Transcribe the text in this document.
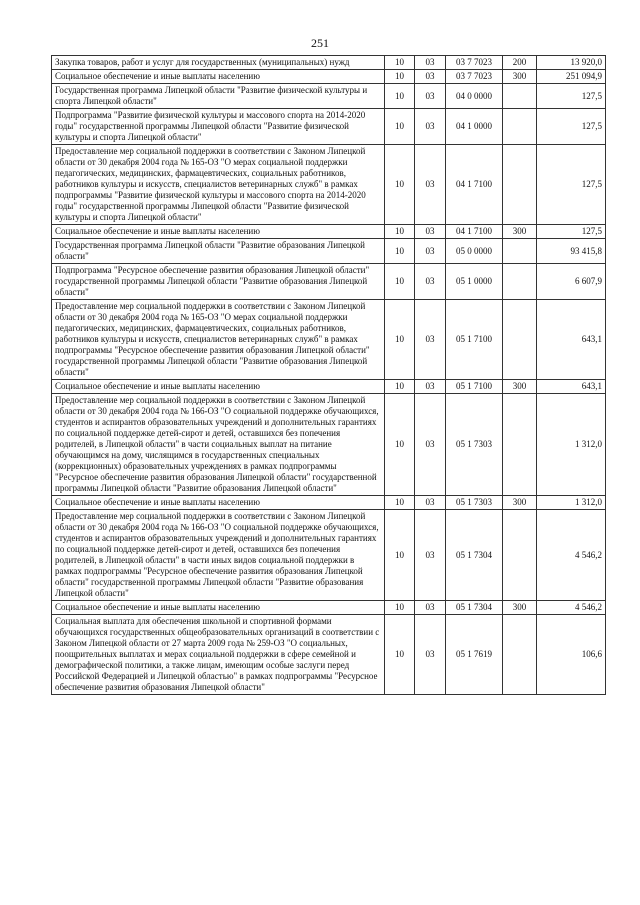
251
Закупка товаров, работ и услуг для государственных (муниципальных) нужд	10	03	03 7 7023	200	13 920,0
Социальное обеспечение и иные выплаты населению	10	03	03 7 7023	300	251 094,9
Государственная программа Липецкой области "Развитие физической культуры и спорта Липецкой области"	10	03	04 0 0000		127,5
Подпрограмма "Развитие физической культуры и массового спорта на 2014-2020 годы" государственной программы Липецкой области "Развитие физической культуры и спорта Липецкой области"	10	03	04 1 0000		127,5
Предоставление мер социальной поддержки в соответствии с Законом Липецкой области от 30 декабря 2004 года № 165-ОЗ "О мерах социальной поддержки педагогических, медицинских, фармацевтических, социальных работников, работников культуры и искусств, специалистов ветеринарных служб" в рамках подпрограммы "Развитие физической культуры и массового спорта на 2014-2020 годы" государственной программы Липецкой области "Развитие физической культуры и спорта Липецкой области"	10	03	04 1 7100		127,5
Социальное обеспечение и иные выплаты населению	10	03	04 1 7100	300	127,5
Государственная программа Липецкой области "Развитие образования Липецкой области"	10	03	05 0 0000		93 415,8
Подпрограмма "Ресурсное обеспечение развития образования Липецкой области" государственной программы Липецкой области "Развитие образования Липецкой области"	10	03	05 1 0000		6 607,9
Предоставление мер социальной поддержки в соответствии с Законом Липецкой области от 30 декабря 2004 года № 165-ОЗ "О мерах социальной поддержки педагогических, медицинских, фармацевтических, социальных работников, работников культуры и искусств, специалистов ветеринарных служб" в рамках подпрограммы "Ресурсное обеспечение развития образования Липецкой области" государственной программы Липецкой области "Развитие образования Липецкой области"	10	03	05 1 7100		643,1
Социальное обеспечение и иные выплаты населению	10	03	05 1 7100	300	643,1
Предоставление мер социальной поддержки в соответствии с Законом Липецкой области от 30 декабря 2004 года № 166-ОЗ "О социальной поддержке обучающихся, студентов и аспирантов образовательных учреждений и дополнительных гарантиях по социальной поддержке детей-сирот и детей, оставшихся без попечения родителей, в Липецкой области" в части социальных выплат на питание обучающимся на дому, числящимся в государственных специальных (коррекционных) образовательных учреждениях в рамках подпрограммы "Ресурсное обеспечение развития образования Липецкой области" государственной программы Липецкой области "Развитие образования Липецкой области"	10	03	05 1 7303		1 312,0
Социальное обеспечение и иные выплаты населению	10	03	05 1 7303	300	1 312,0
Предоставление мер социальной поддержки в соответствии с Законом Липецкой области от 30 декабря 2004 года № 166-ОЗ "О социальной поддержке обучающихся, студентов и аспирантов образовательных учреждений и дополнительных гарантиях по социальной поддержке детей-сирот и детей, оставшихся без попечения родителей, в Липецкой области" в части иных видов социальной поддержки в рамках подпрограммы "Ресурсное обеспечение развития образования Липецкой области" государственной программы Липецкой области "Развитие образования Липецкой области"	10	03	05 1 7304		4 546,2
Социальное обеспечение и иные выплаты населению	10	03	05 1 7304	300	4 546,2
Социальная выплата для обеспечения школьной и спортивной формами обучающихся государственных общеобразовательных организаций в соответствии с Законом Липецкой области от 27 марта 2009 года № 259-ОЗ "О социальных, поощрительных выплатах и мерах социальной поддержки в сфере семейной и демографической политики, а также лицам, имеющим особые заслуги перед Российской Федерацией и Липецкой областью" в рамках подпрограммы "Ресурсное обеспечение развития образования Липецкой области"	10	03	05 1 7619		106,6
